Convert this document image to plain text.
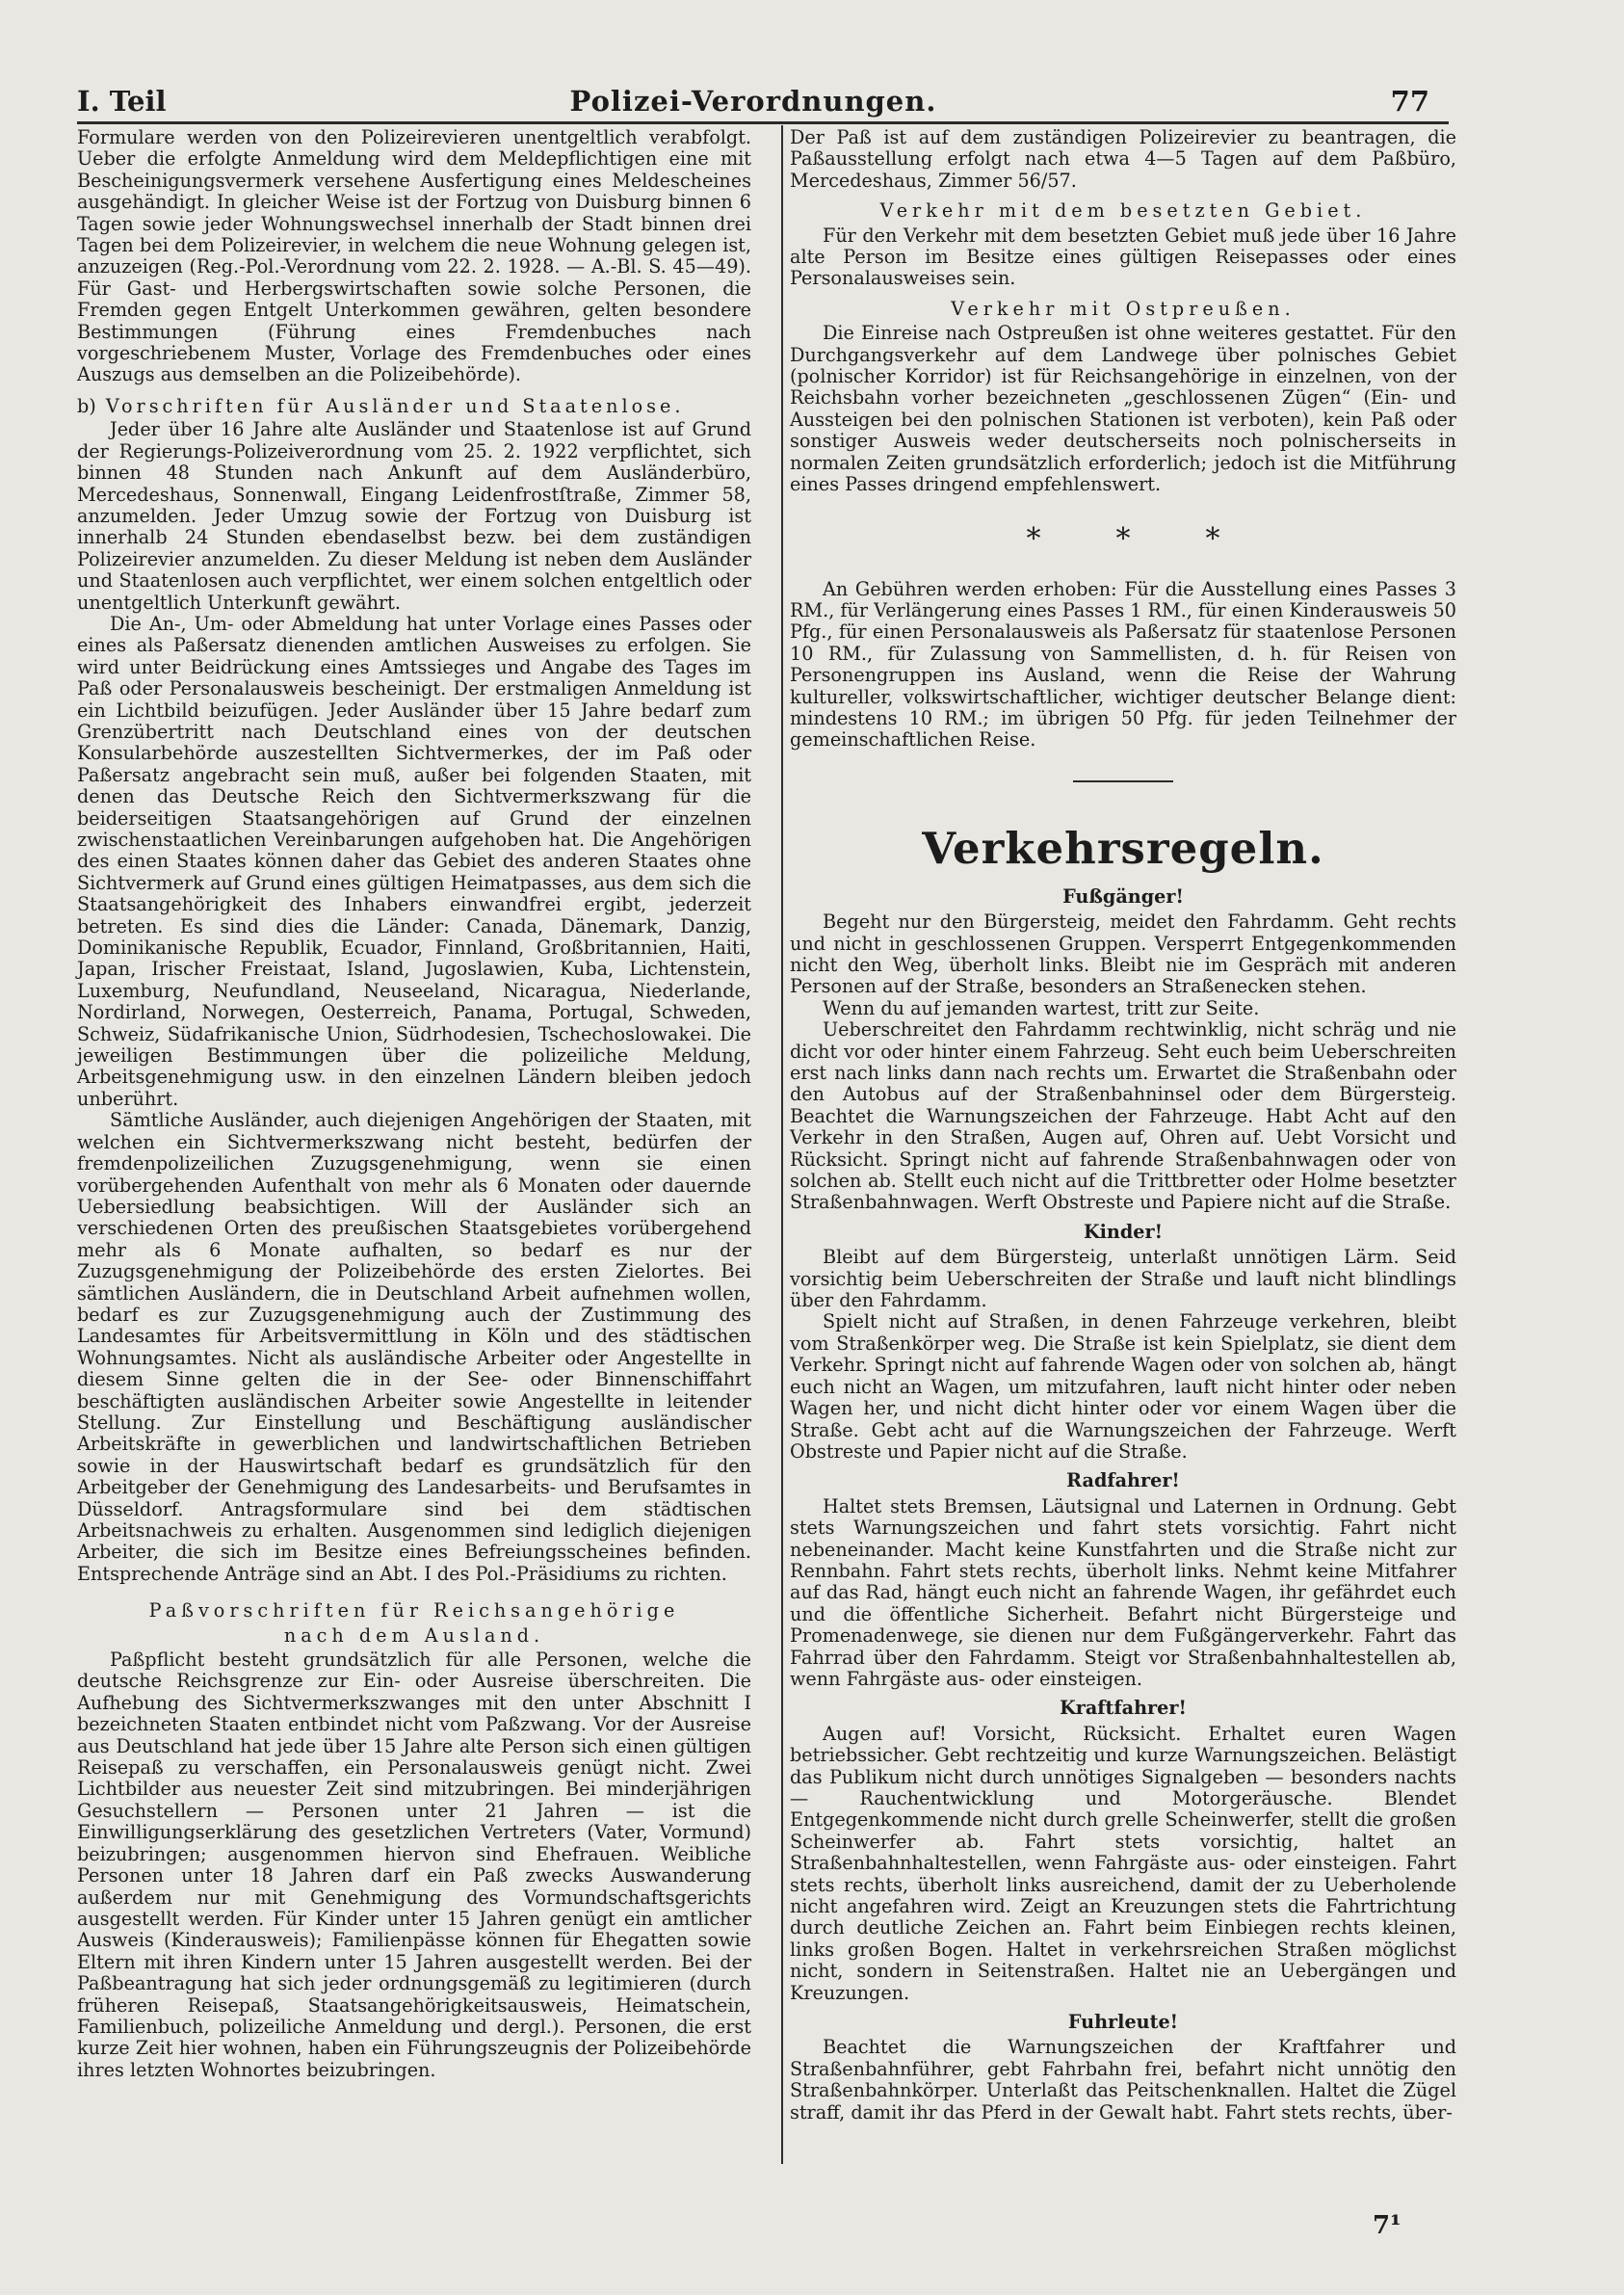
I. Teil	Polizei-Verordnungen.	77

Formulare werden von den Polizeirevieren unentgeltlich verabfolgt. Ueber die erfolgte Anmeldung wird dem Meldepflichtigen eine mit Bescheinigungsvermerk versehene Ausfertigung eines Meldescheines ausgehändigt. In gleicher Weise ist der Fortzug von Duisburg binnen 6 Tagen sowie jeder Wohnungswechsel innerhalb der Stadt binnen drei Tagen bei dem Polizeirevier, in welchem die neue Wohnung gelegen ist, anzuzeigen (Reg.-Pol.-Verordnung vom 22. 2. 1928. — A.-Bl. S. 45—49). Für Gast- und Herbergswirtschaften sowie solche Personen, die Fremden gegen Entgelt Unterkommen gewähren, gelten besondere Bestimmungen (Führung eines Fremdenbuches nach vorgeschriebenem Muster, Vorlage des Fremdenbuches oder eines Auszugs aus demselben an die Polizeibehörde).

b) Vorschriften für Ausländer und Staatenlose.

Jeder über 16 Jahre alte Ausländer und Staatenlose ist auf Grund der Regierungs-Polizeiverordnung vom 25. 2. 1922 verpflichtet, sich binnen 48 Stunden nach Ankunft auf dem Ausländerbüro, Mercedeshaus, Sonnenwall, Eingang Leidenfrostſtraße, Zimmer 58, anzumelden. Jeder Umzug sowie der Fortzug von Duisburg ist innerhalb 24 Stunden ebendaselbst bezw. bei dem zuständigen Polizeirevier anzumelden. Zu dieser Meldung ist neben dem Ausländer und Staatenlosen auch verpflichtet, wer einem solchen entgeltlich oder unentgeltlich Unterkunft gewährt.

Die An-, Um- oder Abmeldung hat unter Vorlage eines Passes oder eines als Paßersatz dienenden amtlichen Ausweises zu erfolgen. Sie wird unter Beidrückung eines Amtssieges und Angabe des Tages im Paß oder Personalausweis bescheinigt. Der erstmaligen Anmeldung ist ein Lichtbild beizufügen. Jeder Ausländer über 15 Jahre bedarf zum Grenzübertritt nach Deutschland eines von der deutschen Konsularbehörde auszestellten Sichtvermerkes, der im Paß oder Paßersatz angebracht sein muß, außer bei folgenden Staaten, mit denen das Deutsche Reich den Sichtvermerkszwang für die beiderseitigen Staatsangehörigen auf Grund der einzelnen zwischenstaatlichen Vereinbarungen aufgehoben hat. Die Angehörigen des einen Staates können daher das Gebiet des anderen Staates ohne Sichtvermerk auf Grund eines gültigen Heimatpasses, aus dem sich die Staatsangehörigkeit des Inhabers einwandfrei ergibt, jederzeit betreten. Es sind dies die Länder: Canada, Dänemark, Danzig, Dominikanische Republik, Ecuador, Finnland, Großbritannien, Haiti, Japan, Irischer Freistaat, Island, Jugoslawien, Kuba, Lichtenstein, Luxemburg, Neufundland, Neuseeland, Nicaragua, Niederlande, Nordirland, Norwegen, Oesterreich, Panama, Portugal, Schweden, Schweiz, Südafrikanische Union, Südrhodesien, Tschechoslowakei. Die jeweiligen Bestimmungen über die polizeiliche Meldung, Arbeitsgenehmigung usw. in den einzelnen Ländern bleiben jedoch unberührt.

Sämtliche Ausländer, auch diejenigen Angehörigen der Staaten, mit welchen ein Sichtvermerkszwang nicht besteht, bedürfen der fremdenpolizeilichen Zuzugsgenehmigung, wenn sie einen vorübergehenden Aufenthalt von mehr als 6 Monaten oder dauernde Uebersiedlung beabsichtigen. Will der Ausländer sich an verschiedenen Orten des preußischen Staatsgebietes vorübergehend mehr als 6 Monate aufhalten, so bedarf es nur der Zuzugsgenehmigung der Polizeibehörde des ersten Zielortes. Bei sämtlichen Ausländern, die in Deutschland Arbeit aufnehmen wollen, bedarf es zur Zuzugsgenehmigung auch der Zustimmung des Landesamtes für Arbeitsvermittlung in Köln und des städtischen Wohnungsamtes. Nicht als ausländische Arbeiter oder Angestellte in diesem Sinne gelten die in der See- oder Binnenschiffahrt beschäftigten ausländischen Arbeiter sowie Angestellte in leitender Stellung. Zur Einstellung und Beschäftigung ausländischer Arbeitskräfte in gewerblichen und landwirtschaftlichen Betrieben sowie in der Hauswirtschaft bedarf es grundsätzlich für den Arbeitgeber der Genehmigung des Landesarbeits- und Berufsamtes in Düsseldorf. Antragsformulare sind bei dem städtischen Arbeitsnachweis zu erhalten. Ausgenommen sind lediglich diejenigen Arbeiter, die sich im Besitze eines Befreiungsscheines befinden. Entsprechende Anträge sind an Abt. I des Pol.-Präsidiums zu richten.

Paßvorschriften für Reichsangehörige
nach dem Ausland.

Paßpflicht besteht grundsätzlich für alle Personen, welche die deutsche Reichsgrenze zur Ein- oder Ausreise überschreiten. Die Aufhebung des Sichtvermerkszwanges mit den unter Abschnitt I bezeichneten Staaten entbindet nicht vom Paßzwang. Vor der Ausreise aus Deutschland hat jede über 15 Jahre alte Person sich einen gültigen Reisepaß zu verschaffen, ein Personalausweis genügt nicht. Zwei Lichtbilder aus neuester Zeit sind mitzubringen. Bei minderjährigen Gesuchstellern — Personen unter 21 Jahren — ist die Einwilligungserklärung des gesetzlichen Vertreters (Vater, Vormund) beizubringen; ausgenommen hiervon sind Ehefrauen. Weibliche Personen unter 18 Jahren darf ein Paß zwecks Auswanderung außerdem nur mit Genehmigung des Vormundschaftsgerichts ausgestellt werden. Für Kinder unter 15 Jahren genügt ein amtlicher Ausweis (Kinderausweis); Familienpässe können für Ehegatten sowie Eltern mit ihren Kindern unter 15 Jahren ausgestellt werden. Bei der Paßbeantragung hat sich jeder ordnungsgemäß zu legitimieren (durch früheren Reisepaß, Staatsangehörigkeitsausweis, Heimatschein, Familienbuch, polizeiliche Anmeldung und dergl.). Personen, die erst kurze Zeit hier wohnen, haben ein Führungszeugnis der Polizeibehörde ihres letzten Wohnortes beizubringen.

Der Paß ist auf dem zuständigen Polizeirevier zu beantragen, die Paßausstellung erfolgt nach etwa 4—5 Tagen auf dem Paßbüro, Mercedeshaus, Zimmer 56/57.

Verkehr mit dem besetzten Gebiet.

Für den Verkehr mit dem besetzten Gebiet muß jede über 16 Jahre alte Person im Besitze eines gültigen Reisepasses oder eines Personalausweises sein.

Verkehr mit Ostpreußen.

Die Einreise nach Ostpreußen ist ohne weiteres gestattet. Für den Durchgangsverkehr auf dem Landwege über polnisches Gebiet (polnischer Korridor) ist für Reichsangehörige in einzelnen, von der Reichsbahn vorher bezeichneten „geschlossenen Zügen“ (Ein- und Aussteigen bei den polnischen Stationen ist verboten), kein Paß oder sonstiger Ausweis weder deutscherseits noch polnischerseits in normalen Zeiten grundsätzlich erforderlich; jedoch ist die Mitführung eines Passes dringend empfehlenswert.

*	*	*

An Gebühren werden erhoben: Für die Ausstellung eines Passes 3 RM., für Verlängerung eines Passes 1 RM., für einen Kinderausweis 50 Pfg., für einen Personalausweis als Paßersatz für staatenlose Personen 10 RM., für Zulassung von Sammellisten, d. h. für Reisen von Personengruppen ins Ausland, wenn die Reise der Wahrung kultureller, volkswirtschaftlicher, wichtiger deutscher Belange dient: mindestens 10 RM.; im übrigen 50 Pfg. für jeden Teilnehmer der gemeinschaftlichen Reise.

Verkehrsregeln.
Fußgänger!

Begeht nur den Bürgersteig, meidet den Fahrdamm. Geht rechts und nicht in geschlossenen Gruppen. Versperrt Entgegenkommenden nicht den Weg, überholt links. Bleibt nie im Gespräch mit anderen Personen auf der Straße, besonders an Straßenecken stehen.

Wenn du auf jemanden wartest, tritt zur Seite.

Ueberschreitet den Fahrdamm rechtwinklig, nicht schräg und nie dicht vor oder hinter einem Fahrzeug. Seht euch beim Ueberschreiten erst nach links dann nach rechts um. Erwartet die Straßenbahn oder den Autobus auf der Straßenbahninsel oder dem Bürgersteig. Beachtet die Warnungszeichen der Fahrzeuge. Habt Acht auf den Verkehr in den Straßen, Augen auf, Ohren auf. Uebt Vorsicht und Rücksicht. Springt nicht auf fahrende Straßenbahnwagen oder von solchen ab. Stellt euch nicht auf die Trittbretter oder Holme besetzter Straßenbahnwagen. Werft Obstreste und Papiere nicht auf die Straße.

Kinder!

Bleibt auf dem Bürgersteig, unterlaßt unnötigen Lärm. Seid vorsichtig beim Ueberschreiten der Straße und lauft nicht blindlings über den Fahrdamm.

Spielt nicht auf Straßen, in denen Fahrzeuge verkehren, bleibt vom Straßenkörper weg. Die Straße ist kein Spielplatz, sie dient dem Verkehr. Springt nicht auf fahrende Wagen oder von solchen ab, hängt euch nicht an Wagen, um mitzufahren, lauft nicht hinter oder neben Wagen her, und nicht dicht hinter oder vor einem Wagen über die Straße. Gebt acht auf die Warnungszeichen der Fahrzeuge. Werft Obstreste und Papier nicht auf die Straße.

Radfahrer!

Haltet stets Bremsen, Läutsignal und Laternen in Ordnung. Gebt stets Warnungszeichen und fahrt stets vorsichtig. Fahrt nicht nebeneinander. Macht keine Kunstfahrten und die Straße nicht zur Rennbahn. Fahrt stets rechts, überholt links. Nehmt keine Mitfahrer auf das Rad, hängt euch nicht an fahrende Wagen, ihr gefährdet euch und die öffentliche Sicherheit. Befahrt nicht Bürgersteige und Promenadenwege, sie dienen nur dem Fußgängerverkehr. Fahrt das Fahrrad über den Fahrdamm. Steigt vor Straßenbahnhaltestellen ab, wenn Fahrgäste aus- oder einsteigen.

Kraftfahrer!

Augen auf! Vorsicht, Rücksicht. Erhaltet euren Wagen betriebssicher. Gebt rechtzeitig und kurze Warnungszeichen. Belästigt das Publikum nicht durch unnötiges Signalgeben — besonders nachts — Rauchentwicklung und Motorgeräusche. Blendet Entgegenkommende nicht durch grelle Scheinwerfer, stellt die großen Scheinwerfer ab. Fahrt stets vorsichtig, haltet an Straßenbahnhaltestellen, wenn Fahrgäste aus- oder einsteigen. Fahrt stets rechts, überholt links ausreichend, damit der zu Ueberholende nicht angefahren wird. Zeigt an Kreuzungen stets die Fahrtrichtung durch deutliche Zeichen an. Fahrt beim Einbiegen rechts kleinen, links großen Bogen. Haltet in verkehrsreichen Straßen möglichst nicht, sondern in Seitenstraßen. Haltet nie an Uebergängen und Kreuzungen.

Fuhrleute!

Beachtet die Warnungszeichen der Kraftfahrer und Straßenbahnführer, gebt Fahrbahn frei, befahrt nicht unnötig den Straßenbahnkörper. Unterlaßt das Peitschenknallen. Haltet die Zügel straff, damit ihr das Pferd in der Gewalt habt. Fahrt stets rechts, über-

7¹
